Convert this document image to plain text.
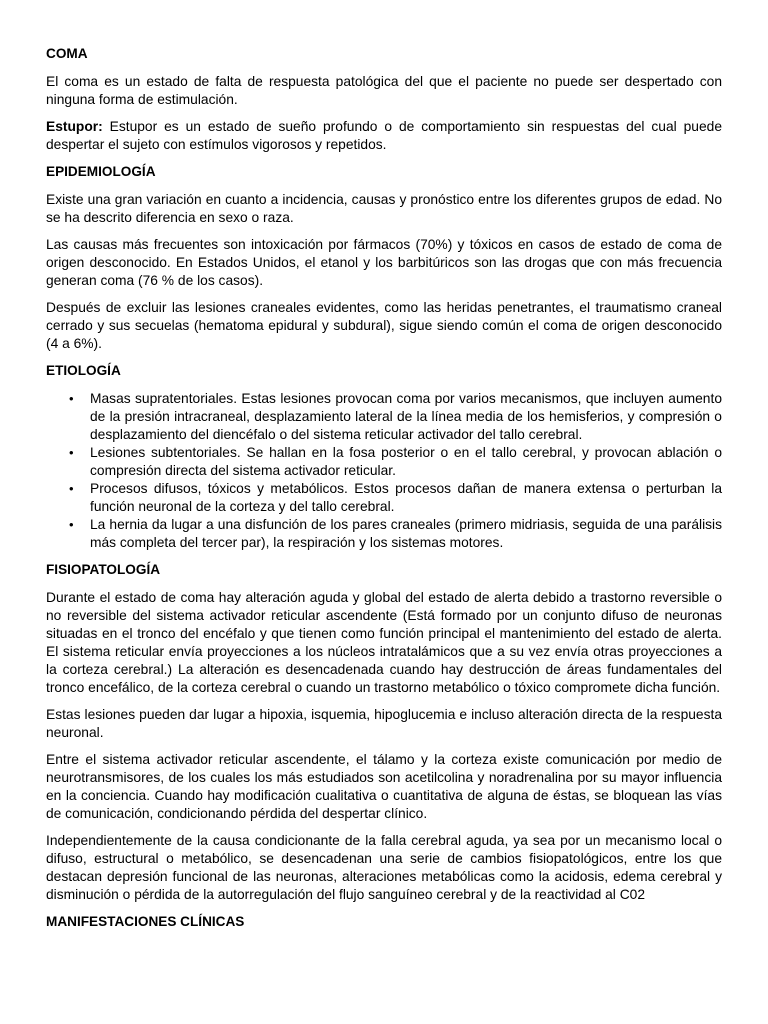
COMA

El coma es un estado de falta de respuesta patológica del que el paciente no puede ser despertado con ninguna forma de estimulación.

Estupor: Estupor es un estado de sueño profundo o de comportamiento sin respuestas del cual puede despertar el sujeto con estímulos vigorosos y repetidos.

EPIDEMIOLOGÍA

Existe una gran variación en cuanto a incidencia, causas y pronóstico entre los diferentes grupos de edad. No se ha descrito diferencia en sexo o raza.

Las causas más frecuentes son intoxicación por fármacos (70%) y tóxicos en casos de estado de coma de origen desconocido. En Estados Unidos, el etanol y los barbitúricos son las drogas que con más frecuencia generan coma (76 % de los casos).

Después de excluir las lesiones craneales evidentes, como las heridas penetrantes, el traumatismo craneal cerrado y sus secuelas (hematoma epidural y subdural), sigue siendo común el coma de origen desconocido (4 a 6%).

ETIOLOGÍA
• Masas supratentoriales. Estas lesiones provocan coma por varios mecanismos, que incluyen aumento de la presión intracraneal, desplazamiento lateral de la línea media de los hemisferios, y compresión o desplazamiento del diencéfalo o del sistema reticular activador del tallo cerebral.
• Lesiones subtentoriales. Se hallan en la fosa posterior o en el tallo cerebral, y provocan ablación o compresión directa del sistema activador reticular.
• Procesos difusos, tóxicos y metabólicos. Estos procesos dañan de manera extensa o perturban la función neuronal de la corteza y del tallo cerebral.
• La hernia da lugar a una disfunción de los pares craneales (primero midriasis, seguida de una parálisis más completa del tercer par), la respiración y los sistemas motores.
FISIOPATOLOGÍA

Durante el estado de coma hay alteración aguda y global del estado de alerta debido a trastorno reversible o no reversible del sistema activador reticular ascendente (Está formado por un conjunto difuso de neuronas situadas en el tronco del encéfalo y que tienen como función principal el mantenimiento del estado de alerta. El sistema reticular envía proyecciones a los núcleos intratalámicos que a su vez envía otras proyecciones a la corteza cerebral.) La alteración es desencadenada cuando hay destrucción de áreas fundamentales del tronco encefálico, de la corteza cerebral o cuando un trastorno metabólico o tóxico compromete dicha función.

Estas lesiones pueden dar lugar a hipoxia, isquemia, hipoglucemia e incluso alteración directa de la respuesta neuronal.

Entre el sistema activador reticular ascendente, el tálamo y la corteza existe comunicación por medio de neurotransmisores, de los cuales los más estudiados son acetilcolina y noradrenalina por su mayor influencia en la conciencia. Cuando hay modificación cualitativa o cuantitativa de alguna de éstas, se bloquean las vías de comunicación, condicionando pérdida del despertar clínico.

Independientemente de la causa condicionante de la falla cerebral aguda, ya sea por un mecanismo local o difuso, estructural o metabólico, se desencadenan una serie de cambios fisiopatológicos, entre los que destacan depresión funcional de las neuronas, alteraciones metabólicas como la acidosis, edema cerebral y disminución o pérdida de la autorregulación del flujo sanguíneo cerebral y de la reactividad al C02

MANIFESTACIONES CLÍNICAS
